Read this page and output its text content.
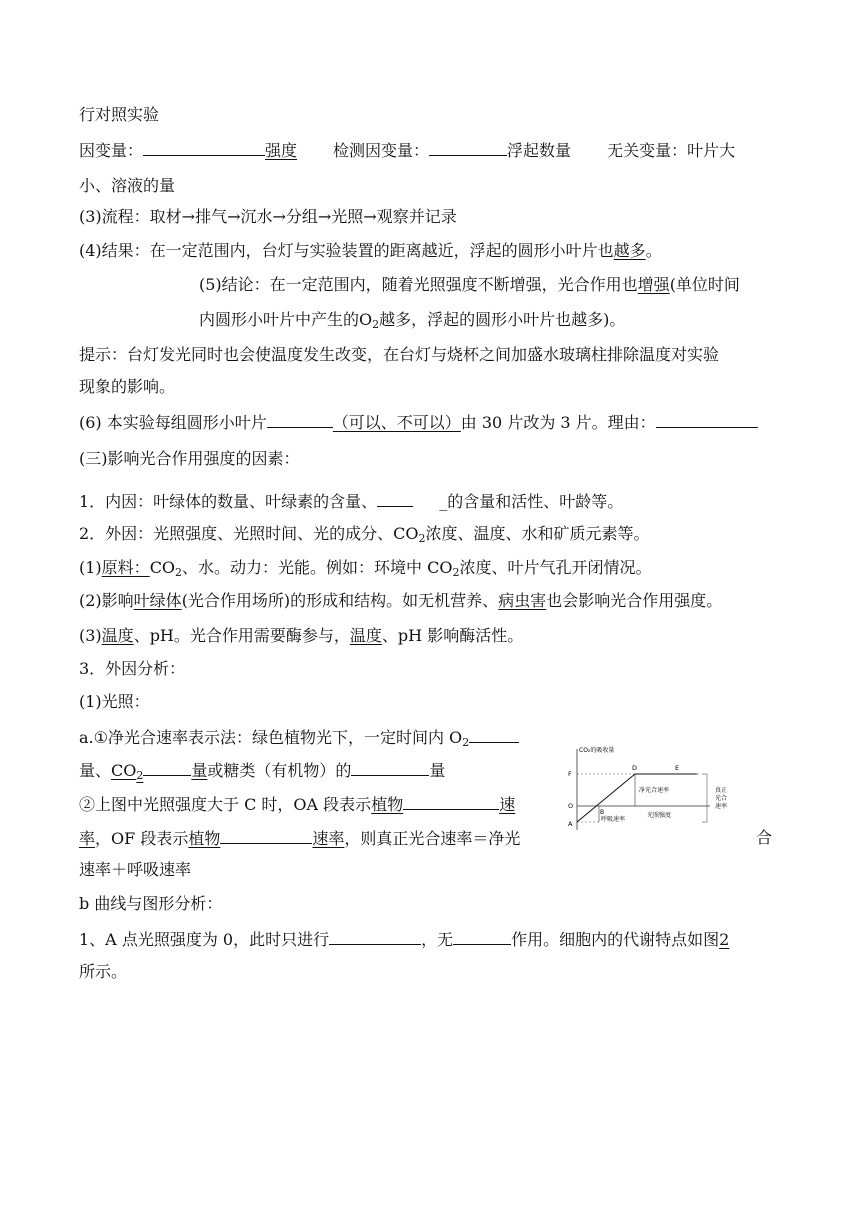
行对照实验
因变量：	强度 检测因变量：	浮起数量 无关变量：叶片大
小、溶液的量
(3)流程：取材→排气→沉水→分组→光照→观察并记录
(4)结果：在一定范围内，台灯与实验装置的距离越近，浮起的圆形小叶片也越多。
(5)结论：在一定范围内，随着光照强度不断增强，光合作用也增强(单位时间
内圆形小叶片中产生的$O_2$越多，浮起的圆形小叶片也越多)。
提示：台灯发光同时也会使温度发生改变，在台灯与烧杯之间加盛水玻璃柱排除温度对实验
现象的影响。
(6) 本实验每组圆形小叶片	（可以、不可以）由 30 片改为 3 片。理由：
(三)影响光合作用强度的因素：
1．内因：叶绿体的数量、叶绿素的含量、	_的含量和活性、叶龄等。
2．外因：光照强度、光照时间、光的成分、$CO_2$浓度、温度、水和矿质元素等。
(1)原料：$CO_2$、水。动力：光能。例如：环境中 $CO_2$浓度、叶片气孔开闭情况。
(2)影响叶绿体(光合作用场所)的形成和结构。如无机营养、病虫害也会影响光合作用强度。
(3)温度、pH。光合作用需要酶参与，温度、pH 影响酶活性。
3．外因分析：
(1)光照：
a.①净光合速率表示法：绿色植物光下，一定时间内 $O_2$
量、$CO_2$	量或糖类（有机物）的	量
②上图中光照强度大于 C 时，OA 段表示植物	速
率，OF 段表示植物	速率，则真正光合速率＝净光	合
速率＋呼吸速率
b 曲线与图形分析：
1、A 点光照强度为 0，此时只进行	，无	作用。细胞内的代谢特点如图2
所示。
CO₂的吸收量
F
O
A
B
D	E
净光合速率
呼吸速率
光照强度
真正
光合
速率
